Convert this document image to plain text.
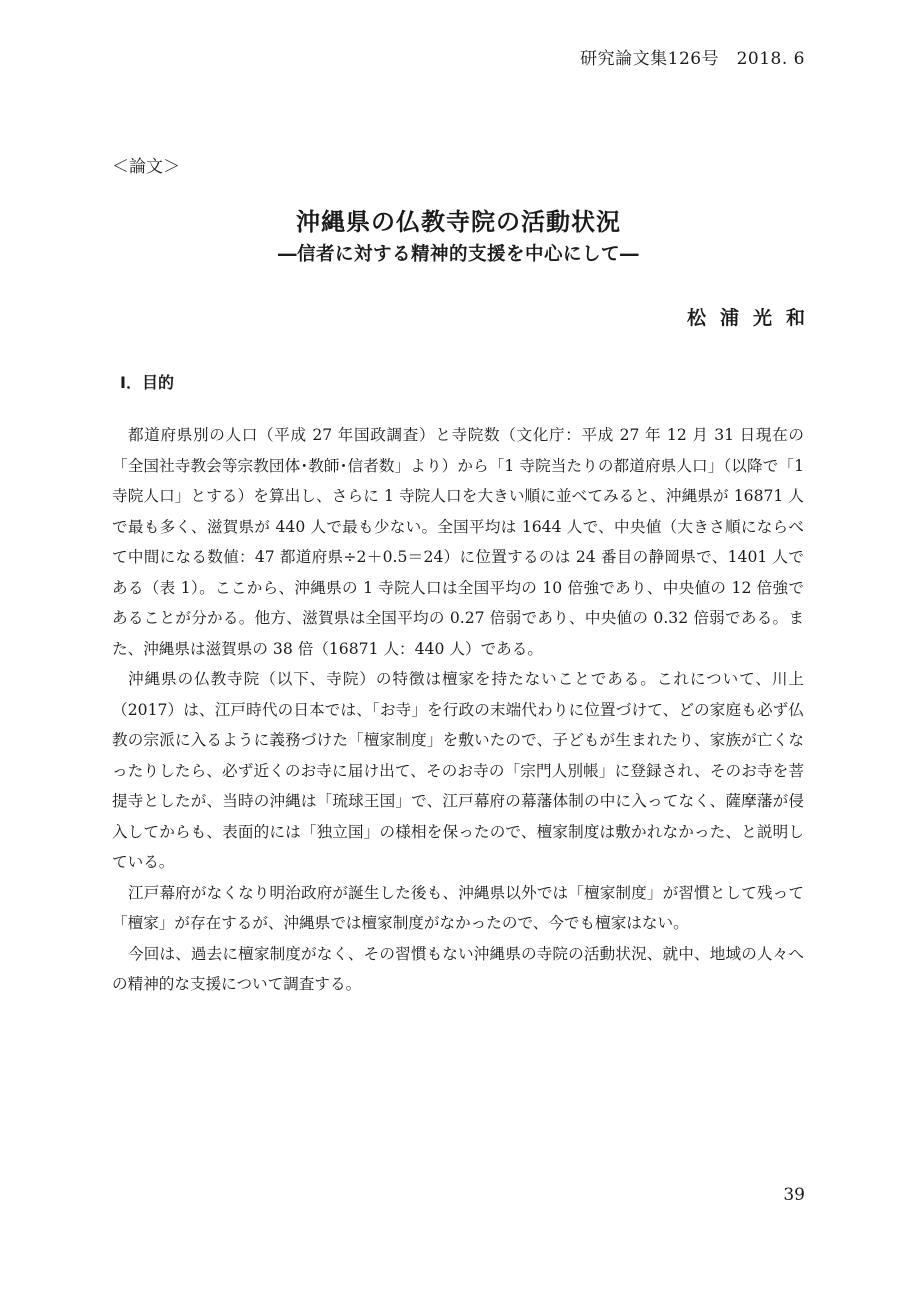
研究論文集126号　2018. 6
＜論文＞
沖縄県の仏教寺院の活動状況
―信者に対する精神的支援を中心にして―
松浦光和
Ⅰ．目的

都道府県別の人口（平成 27 年国政調査）と寺院数（文化庁：平成 27 年 12 月 31 日現在の「全国社寺教会等宗教団体･教師･信者数」より）から「1 寺院当たりの都道府県人口」（以降で「1 寺院人口」とする）を算出し、さらに 1 寺院人口を大きい順に並べてみると、沖縄県が 16871 人で最も多く、滋賀県が 440 人で最も少ない。全国平均は 1644 人で、中央値（大きさ順にならべて中間になる数値：47 都道府県÷2＋0.5＝24）に位置するのは 24 番目の静岡県で、1401 人である（表 1）。ここから、沖縄県の 1 寺院人口は全国平均の 10 倍強であり、中央値の 12 倍強であることが分かる。他方、滋賀県は全国平均の 0.27 倍弱であり、中央値の 0.32 倍弱である。また、沖縄県は滋賀県の 38 倍（16871 人：440 人）である。

沖縄県の仏教寺院（以下、寺院）の特徴は檀家を持たないことである。これについて、川上（2017）は、江戸時代の日本では、「お寺」を行政の末端代わりに位置づけて、どの家庭も必ず仏教の宗派に入るように義務づけた「檀家制度」を敷いたので、子どもが生まれたり、家族が亡くなったりしたら、必ず近くのお寺に届け出て、そのお寺の「宗門人別帳」に登録され、そのお寺を菩提寺としたが、当時の沖縄は「琉球王国」で、江戸幕府の幕藩体制の中に入ってなく、薩摩藩が侵入してからも、表面的には「独立国」の様相を保ったので、檀家制度は敷かれなかった、と説明している。

江戸幕府がなくなり明治政府が誕生した後も、沖縄県以外では「檀家制度」が習慣として残って「檀家」が存在するが、沖縄県では檀家制度がなかったので、今でも檀家はない。

今回は、過去に檀家制度がなく、その習慣もない沖縄県の寺院の活動状況、就中、地域の人々への精神的な支援について調査する。

39
